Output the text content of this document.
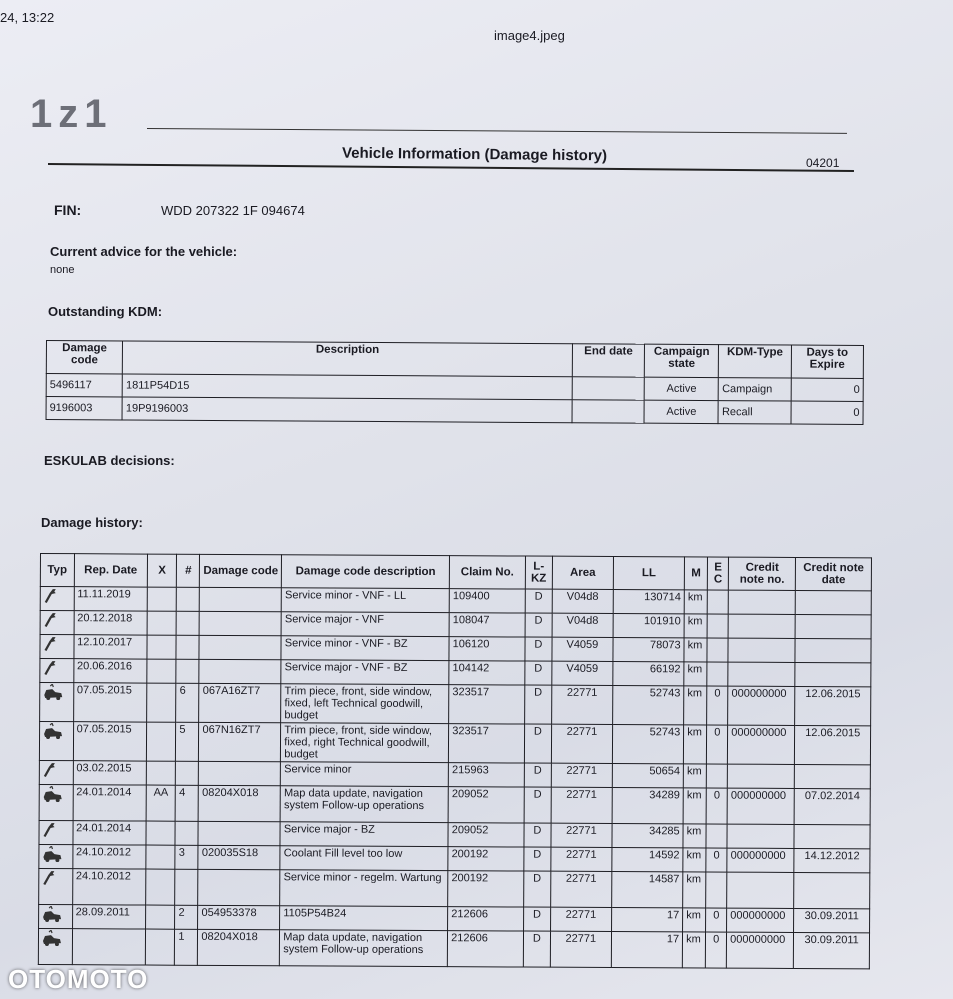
24, 13:22
image4.jpeg
1z1
Vehicle Information (Damage history)	04201
FIN:	WDD 207322 1F 094674
Current advice for the vehicle:
none
Outstanding KDM:
Damage code	Description	End date	Campaign state	KDM-Type	Days to Expire
5496117	1811P54D15		Active	Campaign	0
9196003	19P9196003		Active	Recall	0
ESKULAB decisions:
Damage history:
Typ	Rep. Date	X	#	Damage code	Damage code description	Claim No.	L-KZ	Area	LL	M	E C	Credit note no.	Credit note date
	11.11.2019				Service minor - VNF - LL	109400	D	V04d8	130714	km			
	20.12.2018				Service major - VNF	108047	D	V04d8	101910	km			
	12.10.2017				Service minor - VNF - BZ	106120	D	V4059	78073	km			
	20.06.2016				Service major - VNF - BZ	104142	D	V4059	66192	km			
	07.05.2015		6	067A16ZT7	Trim piece, front, side window, fixed, left Technical goodwill, budget	323517	D	22771	52743	km	0	000000000	12.06.2015
	07.05.2015		5	067N16ZT7	Trim piece, front, side window, fixed, right Technical goodwill, budget	323517	D	22771	52743	km	0	000000000	12.06.2015
	03.02.2015				Service minor	215963	D	22771	50654	km			
	24.01.2014	AA	4	08204X018	Map data update, navigation system Follow-up operations	209052	D	22771	34289	km	0	000000000	07.02.2014
	24.01.2014				Service major - BZ	209052	D	22771	34285	km			
	24.10.2012		3	020035S18	Coolant Fill level too low	200192	D	22771	14592	km	0	000000000	14.12.2012
	24.10.2012				Service minor - regelm. Wartung	200192	D	22771	14587	km			
	28.09.2011		2	054953378	1105P54B24	212606	D	22771	17	km	0	000000000	30.09.2011
			1	08204X018	Map data update, navigation system Follow-up operations	212606	D	22771	17	km	0	000000000	30.09.2011
OTOMOTO
